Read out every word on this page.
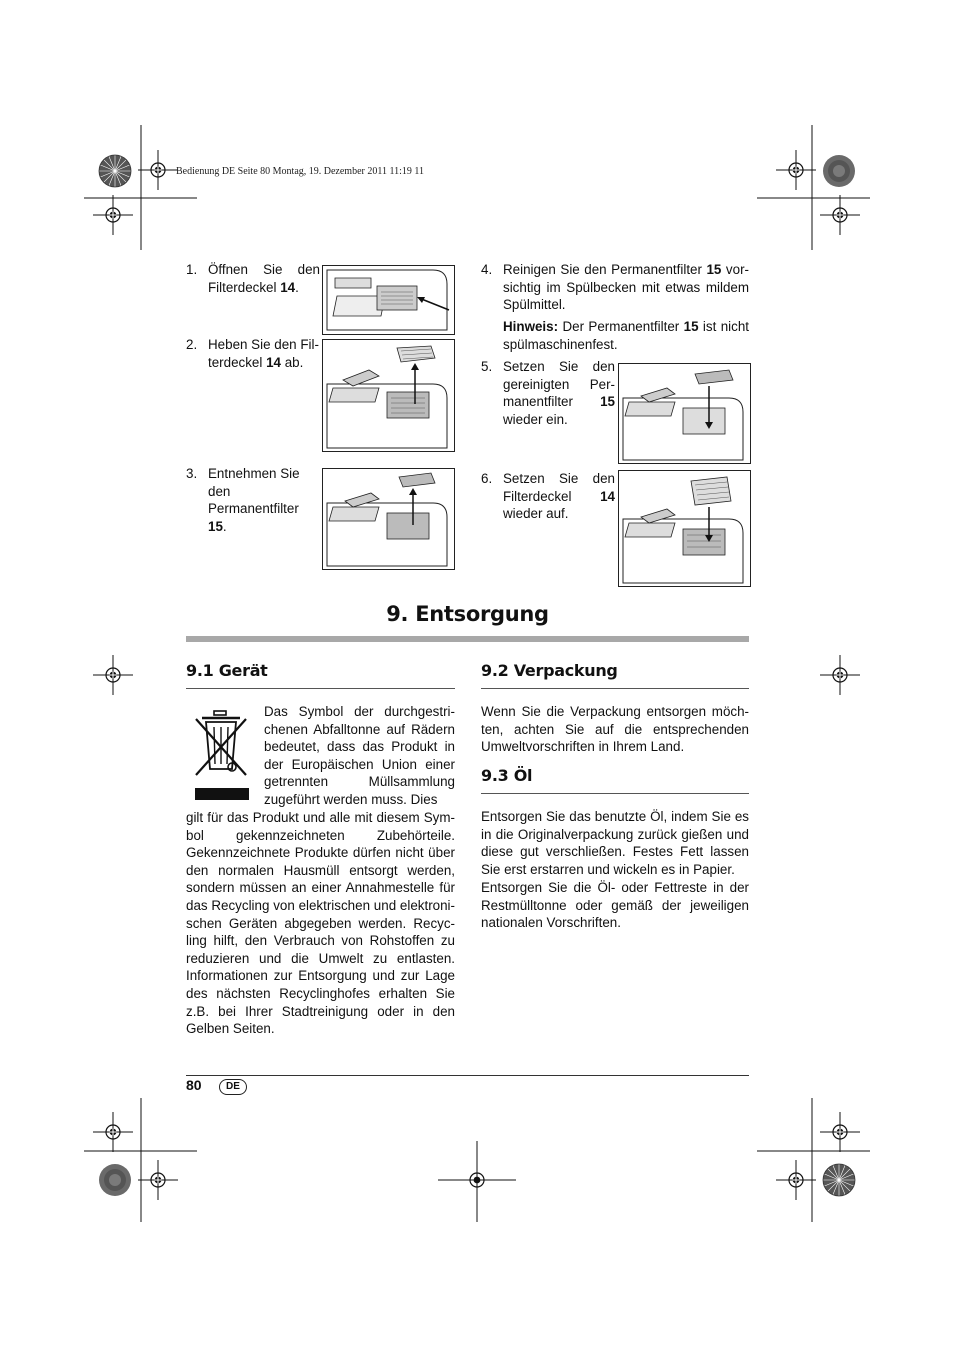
Bedienung DE Seite 80 Montag, 19. Dezember 2011 11:19 11
1. Öffnen Sie den Filterdeckel 14.
2. Heben Sie den Fil-terdeckel 14 ab.
3. Entnehmen Sie den Permanentfilter 15.
4. Reinigen Sie den Permanentfilter 15 vor-sichtig im Spülbecken mit etwas mildem Spülmittel.
Hinweis: Der Permanentfilter 15 ist nicht spülmaschinenfest.
5. Setzen Sie den gereinigten Per-manentfilter 15 wieder ein.
6. Setzen Sie den Filterdeckel 14 wieder auf.
9. Entsorgung
9.1 Gerät
Das Symbol der durchgestri-chenen Abfalltonne auf Rädern bedeutet, dass das Produkt in der Europäischen Union einer getrennten Müllsammlung zugeführt werden muss. Dies
gilt für das Produkt und alle mit diesem Sym-bol gekennzeichneten Zubehörteile. Gekennzeichnete Produkte dürfen nicht über den normalen Hausmüll entsorgt werden, sondern müssen an einer Annahmestelle für das Recycling von elektrischen und elektroni-schen Geräten abgegeben werden. Recyc-ling hilft, den Verbrauch von Rohstoffen zu reduzieren und die Umwelt zu entlasten. Informationen zur Entsorgung und zur Lage des nächsten Recyclinghofes erhalten Sie z.B. bei Ihrer Stadtreinigung oder in den Gelben Seiten.
9.2 Verpackung
Wenn Sie die Verpackung entsorgen möch-ten, achten Sie auf die entsprechenden Umweltvorschriften in Ihrem Land.
9.3 Öl
Entsorgen Sie das benutzte Öl, indem Sie es in die Originalverpackung zurück gießen und diese gut verschließen. Festes Fett lassen Sie erst erstarren und wickeln es in Papier.
Entsorgen Sie die Öl- oder Fettreste in der Restmülltonne oder gemäß der jeweiligen nationalen Vorschriften.
80	DE
